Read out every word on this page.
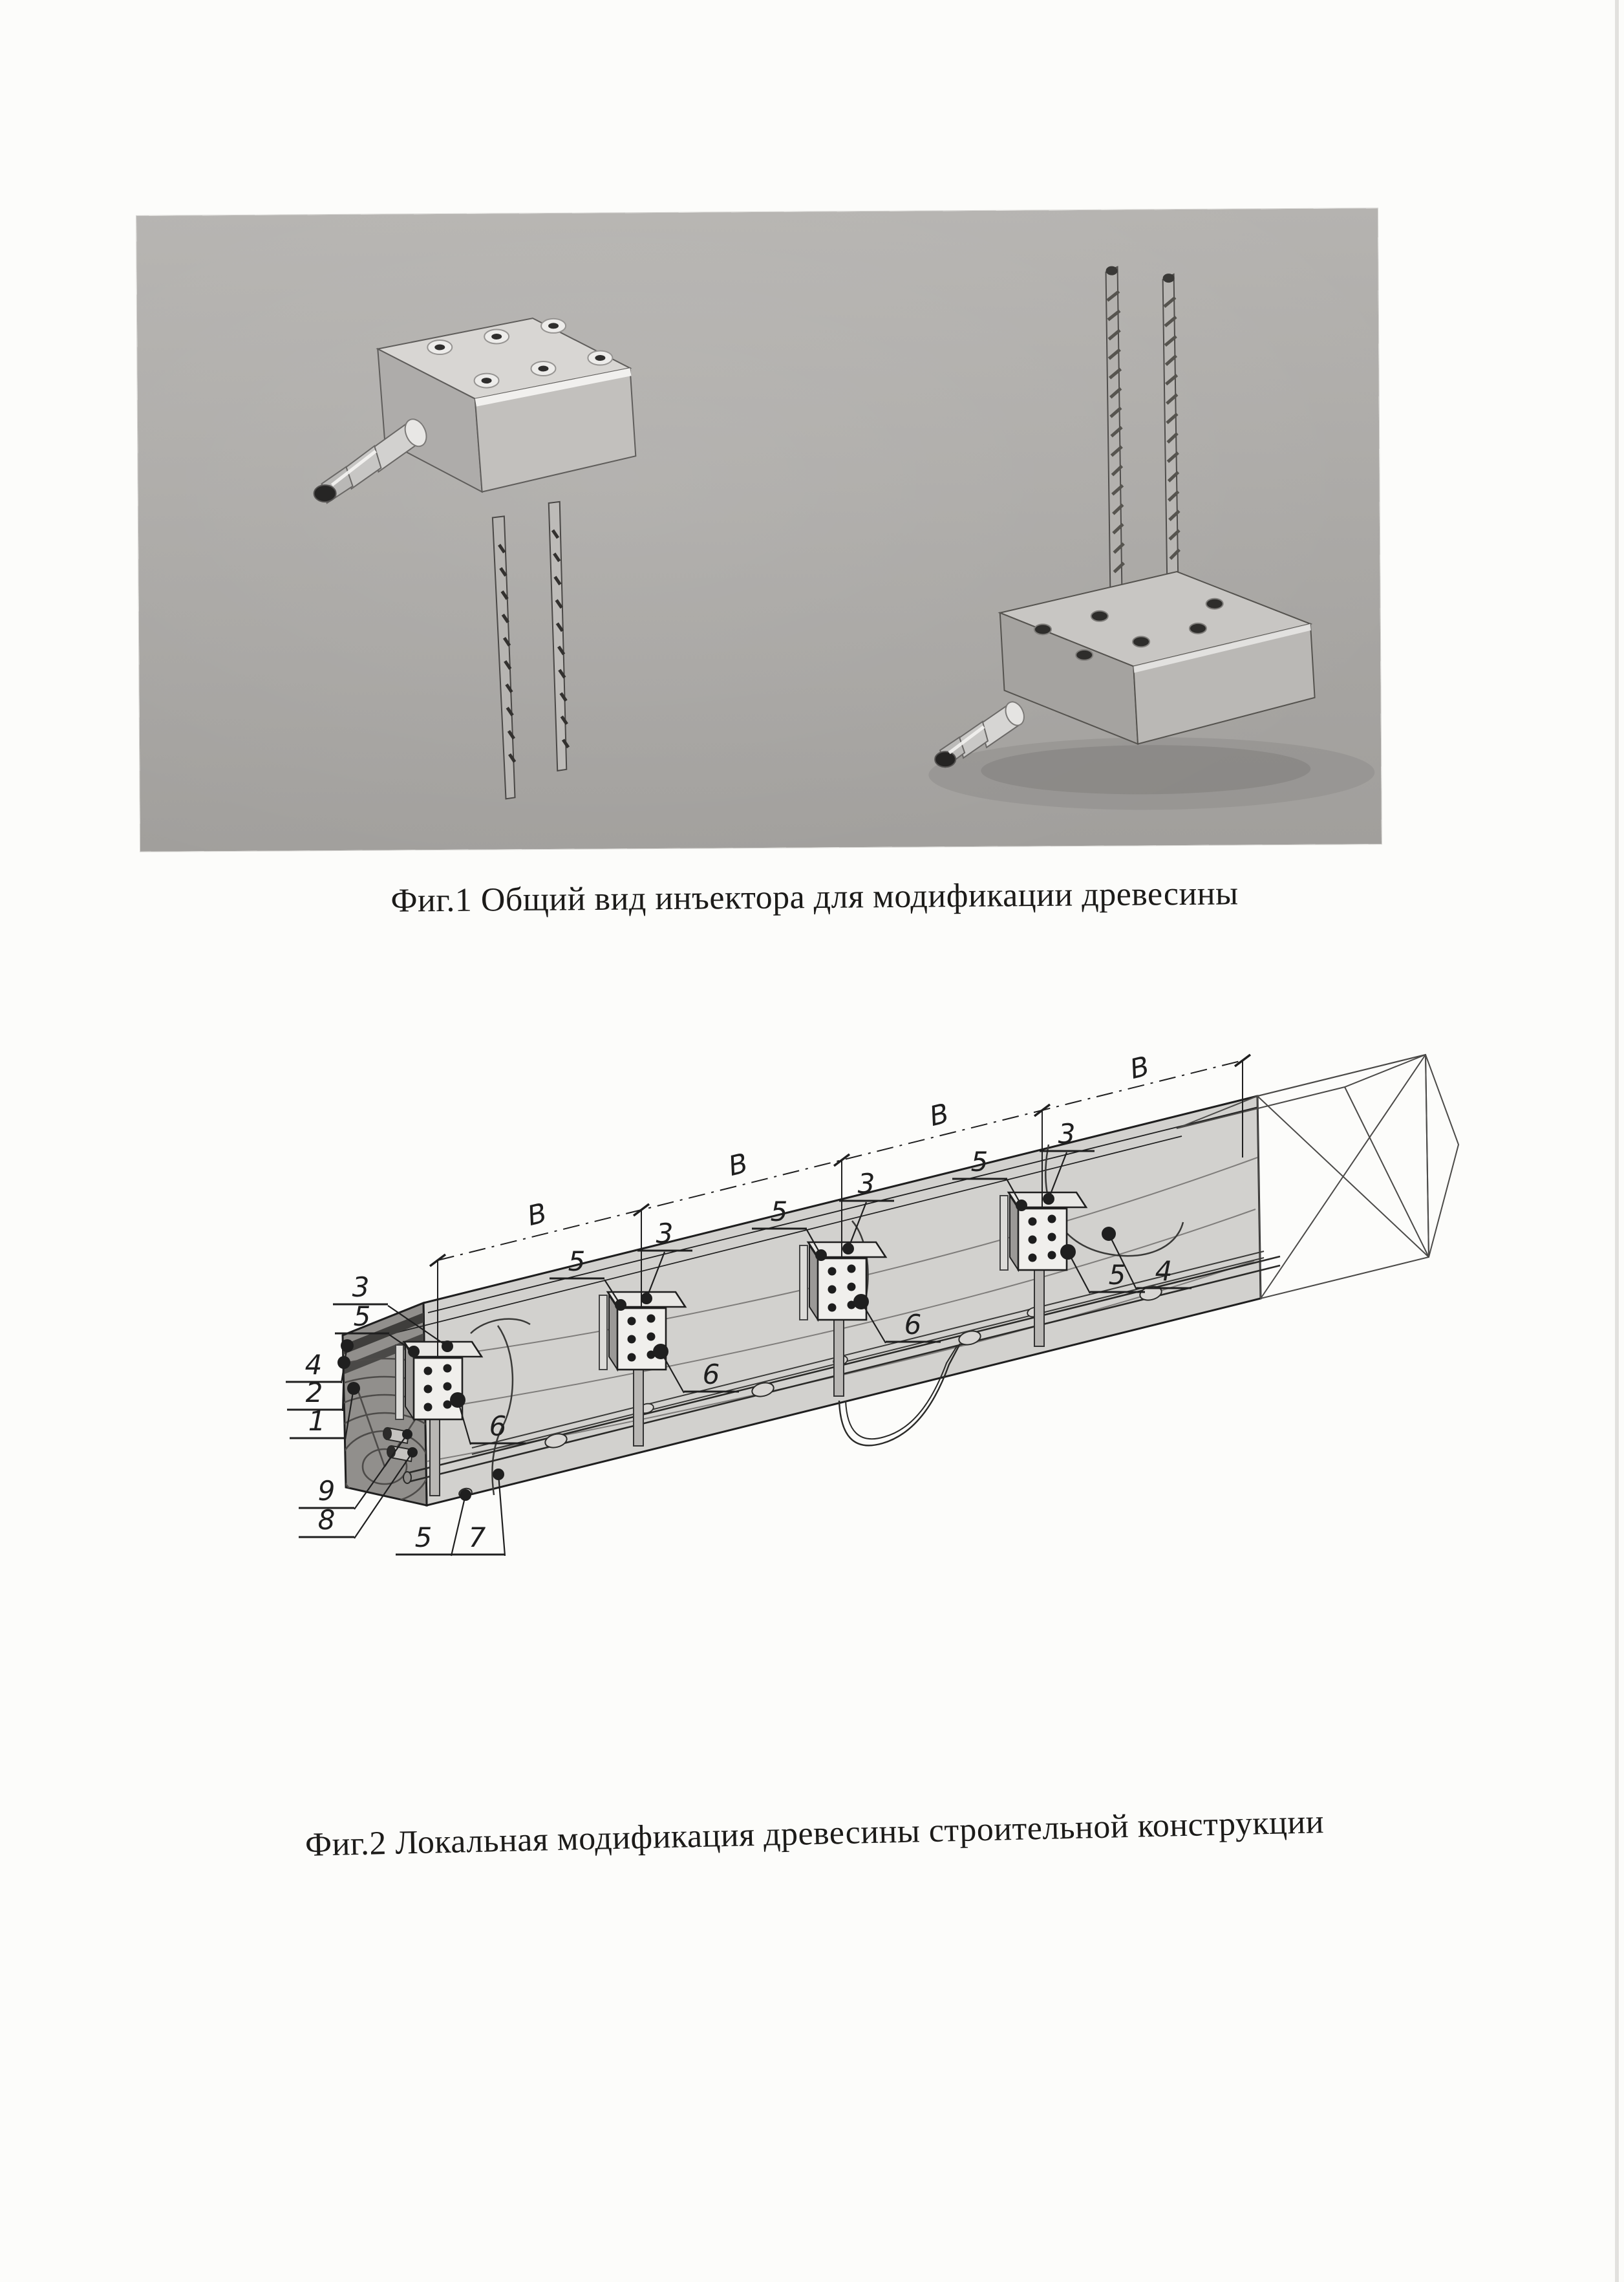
Фиг.1 Общий вид инъектора для модификации древесины
В
В
В
В
3
5
4
2
1
9
8
5 7
6
5
3
6
5
3
6
5
3
5 4
Фиг.2 Локальная модификация древесины строительной конструкции
